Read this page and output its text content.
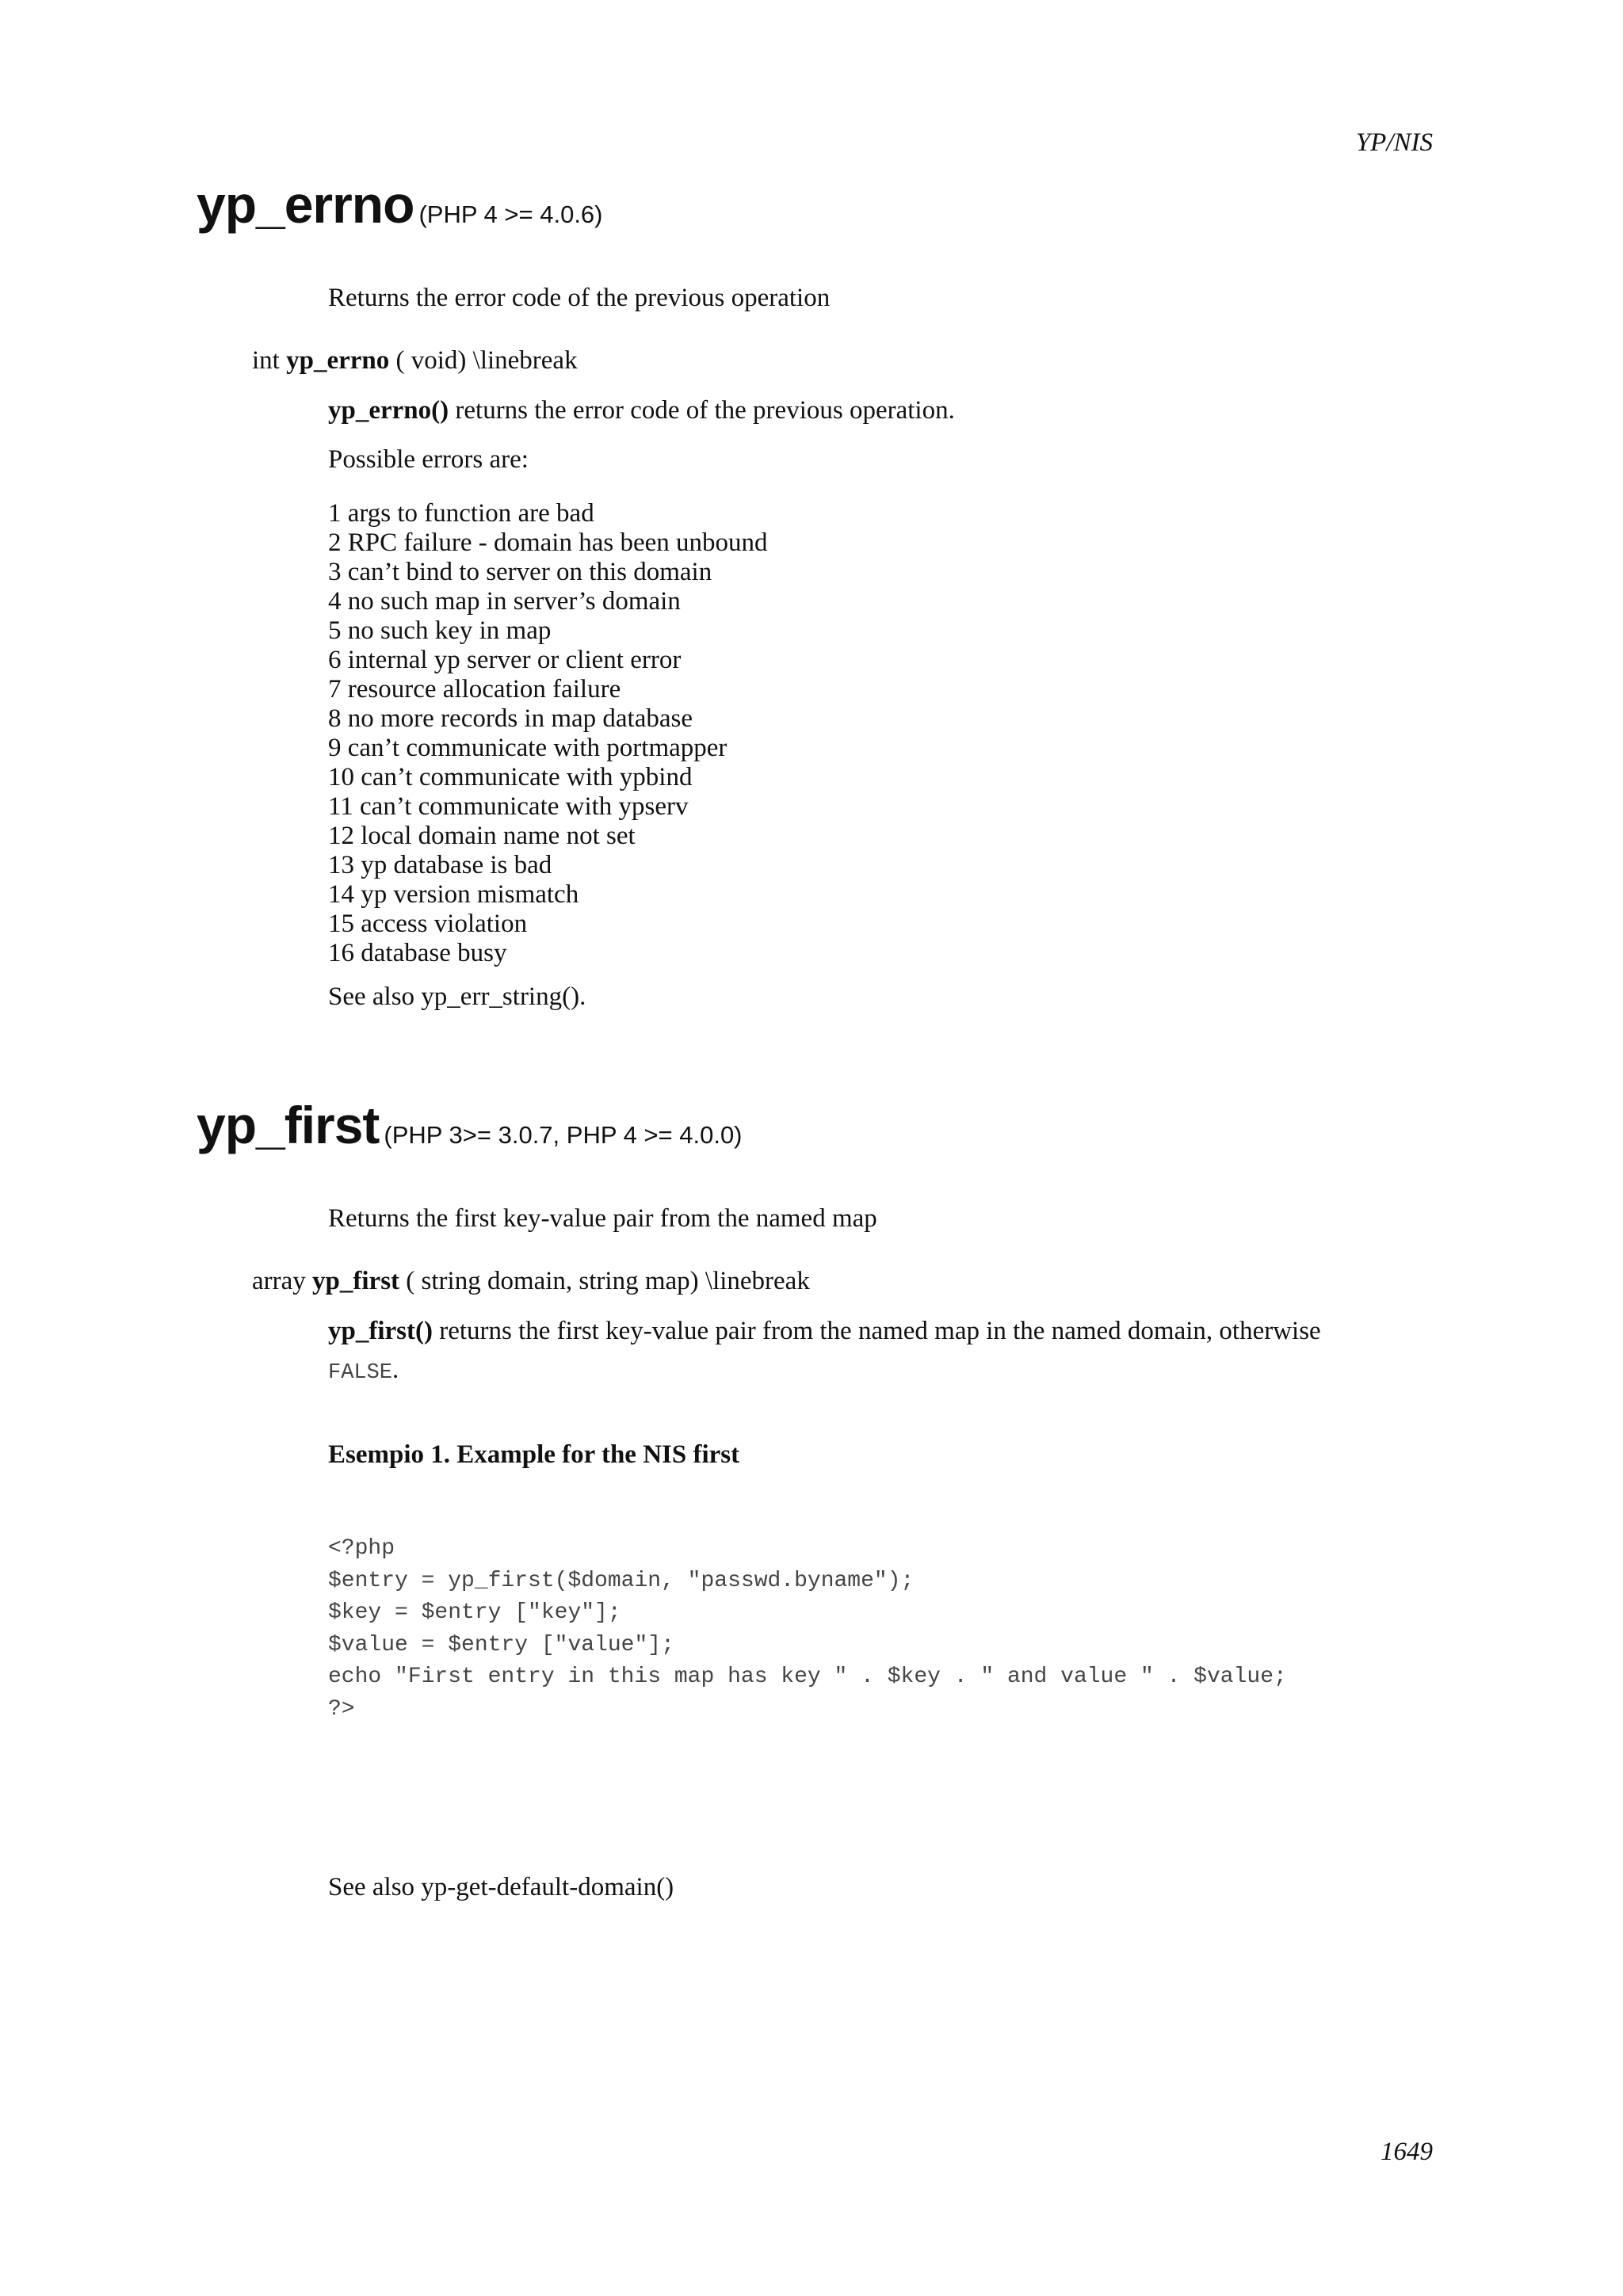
YP/NIS
yp_errno (PHP 4 >= 4.0.6)
Returns the error code of the previous operation
int yp_errno ( void) \linebreak
yp_errno() returns the error code of the previous operation.
Possible errors are:
1 args to function are bad
2 RPC failure - domain has been unbound
3 can’t bind to server on this domain
4 no such map in server’s domain
5 no such key in map
6 internal yp server or client error
7 resource allocation failure
8 no more records in map database
9 can’t communicate with portmapper
10 can’t communicate with ypbind
11 can’t communicate with ypserv
12 local domain name not set
13 yp database is bad
14 yp version mismatch
15 access violation
16 database busy
See also yp_err_string().
yp_first (PHP 3>= 3.0.7, PHP 4 >= 4.0.0)
Returns the first key-value pair from the named map
array yp_first ( string domain, string map) \linebreak
yp_first() returns the first key-value pair from the named map in the named domain, otherwise
FALSE.
Esempio 1. Example for the NIS first
<?php
$entry = yp_first($domain, "passwd.byname");
$key = $entry ["key"];
$value = $entry ["value"];
echo "First entry in this map has key " . $key . " and value " . $value;
?>
See also yp-get-default-domain()
1649
